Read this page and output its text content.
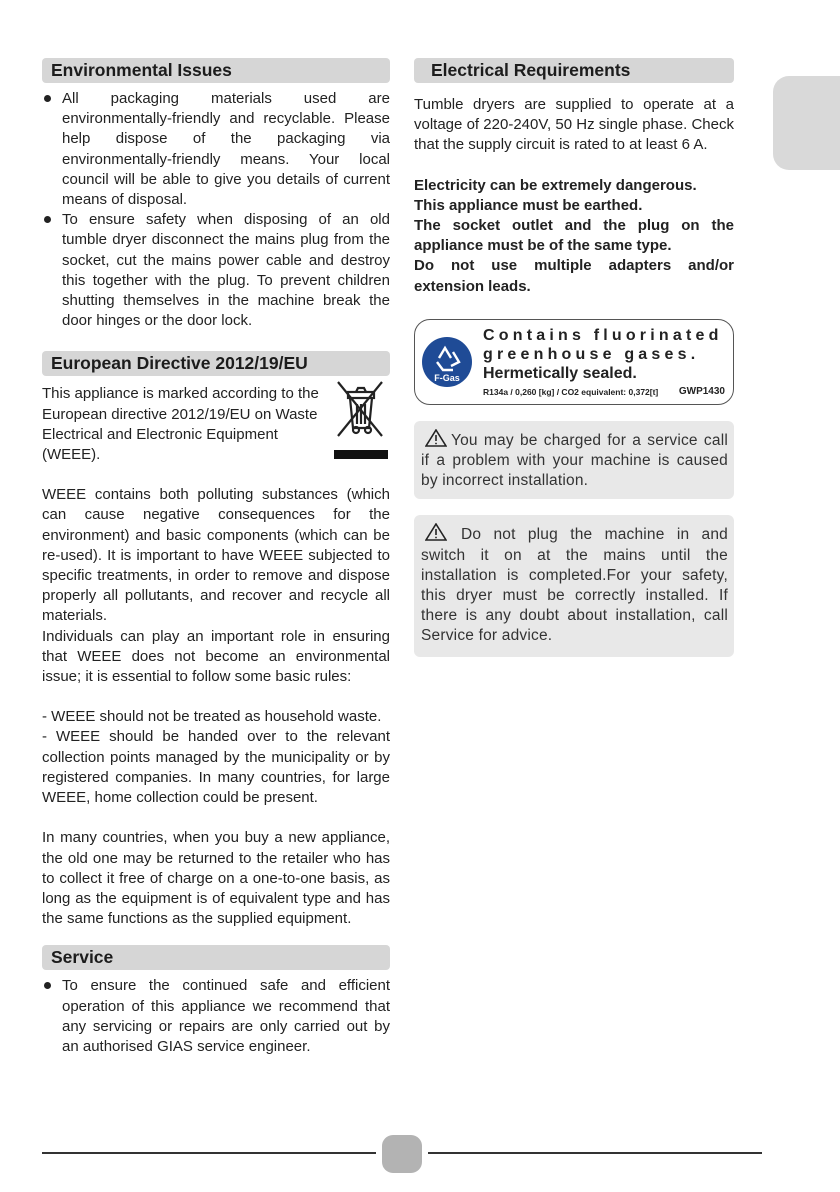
Environmental Issues
All packaging materials used are environmentally-friendly and recyclable. Please help dispose of the packaging via environmentally-friendly means. Your local council will be able to give you details of current means of disposal.
To ensure safety when disposing of an old tumble dryer disconnect the mains plug from the socket, cut the mains power cable and destroy this together with the plug. To prevent children shutting themselves in the machine break the door hinges or the door lock.
European Directive 2012/19/EU

This appliance is marked according to the European directive 2012/19/EU on Waste Electrical and Electronic Equipment (WEEE).

WEEE contains both polluting substances (which can cause negative consequences for the environment) and basic components (which can be re-used). It is important to have WEEE subjected to specific treatments, in order to remove and dispose properly all pollutants, and recover and recycle all materials.

Individuals can play an important role in ensuring that WEEE does not become an environmental issue; it is essential to follow some basic rules:

- WEEE should not be treated as household waste.

- WEEE should be handed over to the relevant collection points managed by the municipality or by registered companies. In many countries, for large WEEE, home collection could be present.

In many countries, when you buy a new appliance, the old one may be returned to the retailer who has to collect it free of charge on a one-to-one basis, as long as the equipment is of equivalent type and has the same functions as the supplied equipment.

Service
To ensure the continued safe and efficient operation of this appliance we recommend that any servicing or repairs are only carried out by an authorised GIAS service engineer.
Electrical Requirements

Tumble dryers are supplied to operate at a voltage of 220-240V, 50 Hz single phase. Check that the supply circuit is rated to at least 6 A.

Electricity can be extremely dangerous.

This appliance must be earthed.

The socket outlet and the plug on the appliance must be of the same type.

Do not use multiple adapters and/or extension leads.

F-Gas
Contains fluorinated greenhouse gases.
Hermetically sealed.
R134a / 0,260 [kg] / CO2 equivalent: 0,372[t] GWP1430

You may be charged for a service call if a problem with your machine is caused by incorrect installation.

Do not plug the machine in and switch it on at the mains until the installation is completed.For your safety, this dryer must be correctly installed. If there is any doubt about installation, call Service for advice.
